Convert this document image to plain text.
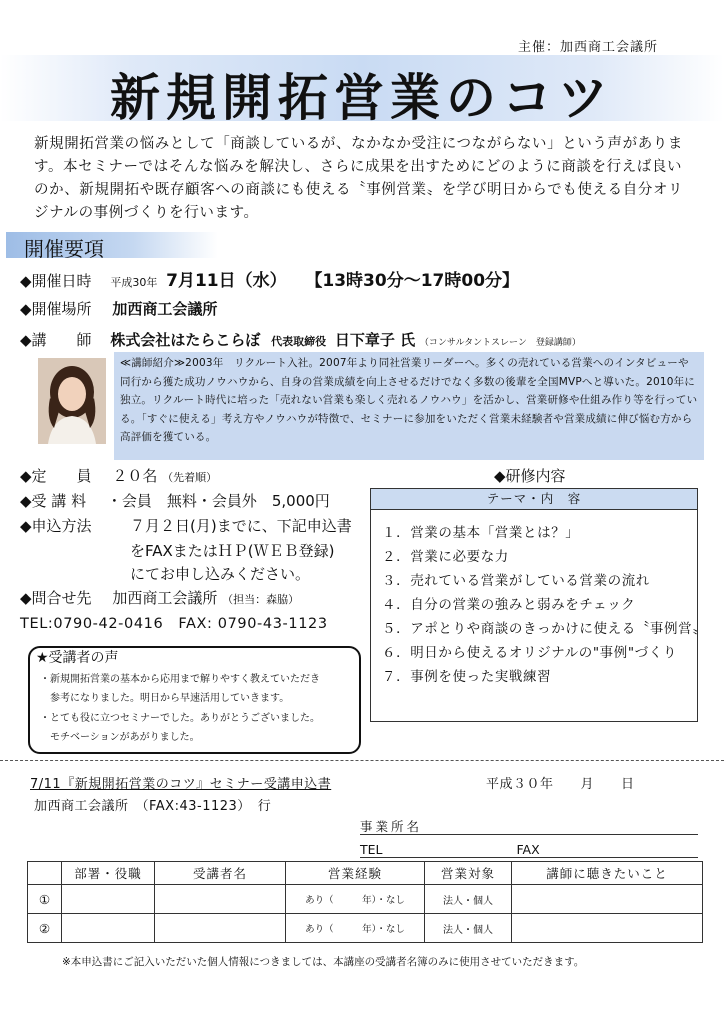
主催：加西商工会議所
新規開拓営業のコツ
新規開拓営業の悩みとして「商談しているが、なかなか受注につながらない」という声があります。本セミナーではそんな悩みを解決し、さらに成果を出すためにどのように商談を行えば良いのか、新規開拓や既存顧客への商談にも使える〝事例営業〟を学び明日からでも使える自分オリジナルの事例づくりを行います。
開催要項
◆開催日時 平成30年 7月11日（水） 【13時30分～17時00分】
◆開催場所 加西商工会議所
◆講　　師 株式会社はたらこらぼ 代表取締役 日下章子 氏 （コンサルタントスレーン　登録講師）
≪講師紹介≫2003年　リクルート入社。2007年より同社営業リーダーへ。多くの売れている営業へのインタビューや同行から獲た成功ノウハウから、自身の営業成績を向上させるだけでなく多数の後輩を全国MVPへと導いた。2010年に独立。リクルート時代に培った「売れない営業も楽しく売れるノウハウ」を活かし、営業研修や仕組み作り等を行っている。「すぐに使える」考え方やノウハウが特徴で、セミナーに参加をいただく営業未経験者や営業成績に伸び悩む方から高評価を獲ている。
◆定　　員 ２０名 （先着順）
◆受 講 料 ・会員　無料・会員外　5,000円
◆申込方法	７月２日(月)までに、下記申込書
をFAXまたはＨＰ(ＷＥＢ登録)
にてお申し込みください。
◆問合せ先 加西商工会議所 （担当：森脇）
TEL:0790-42-0416　FAX: 0790-43-1123
◆研修内容
テーマ・内　容
１．営業の基本「営業とは？」
２．営業に必要な力
３．売れている営業がしている営業の流れ
４．自分の営業の強みと弱みをチェック
５．アポとりや商談のきっかけに使える〝事例営〟
６．明日から使えるオリジナルの"事例"づくり
７．事例を使った実戦練習
★受講者の声
・新規開拓営業の基本から応用まで解りやすく教えていただき
　参考になりました。明日から早速活用していきます。
・とても役に立つセミナーでした。ありがとうございました。
　モチベーションがあがりました。
7/11『新規開拓営業のコツ』セミナー受講申込書	平成３０年　　月　　日
加西商工会議所　（FAX:43-1123）　行
事業所名
TEL	FAX
	部署・役職	受講者名	営業経験	営業対象	講師に聴きたいこと
①			あり（　　　年）・なし	法人・個人	
②			あり（　　　年）・なし	法人・個人	
※本申込書にご記入いただいた個人情報につきましては、本講座の受講者名簿のみに使用させていただきます。
